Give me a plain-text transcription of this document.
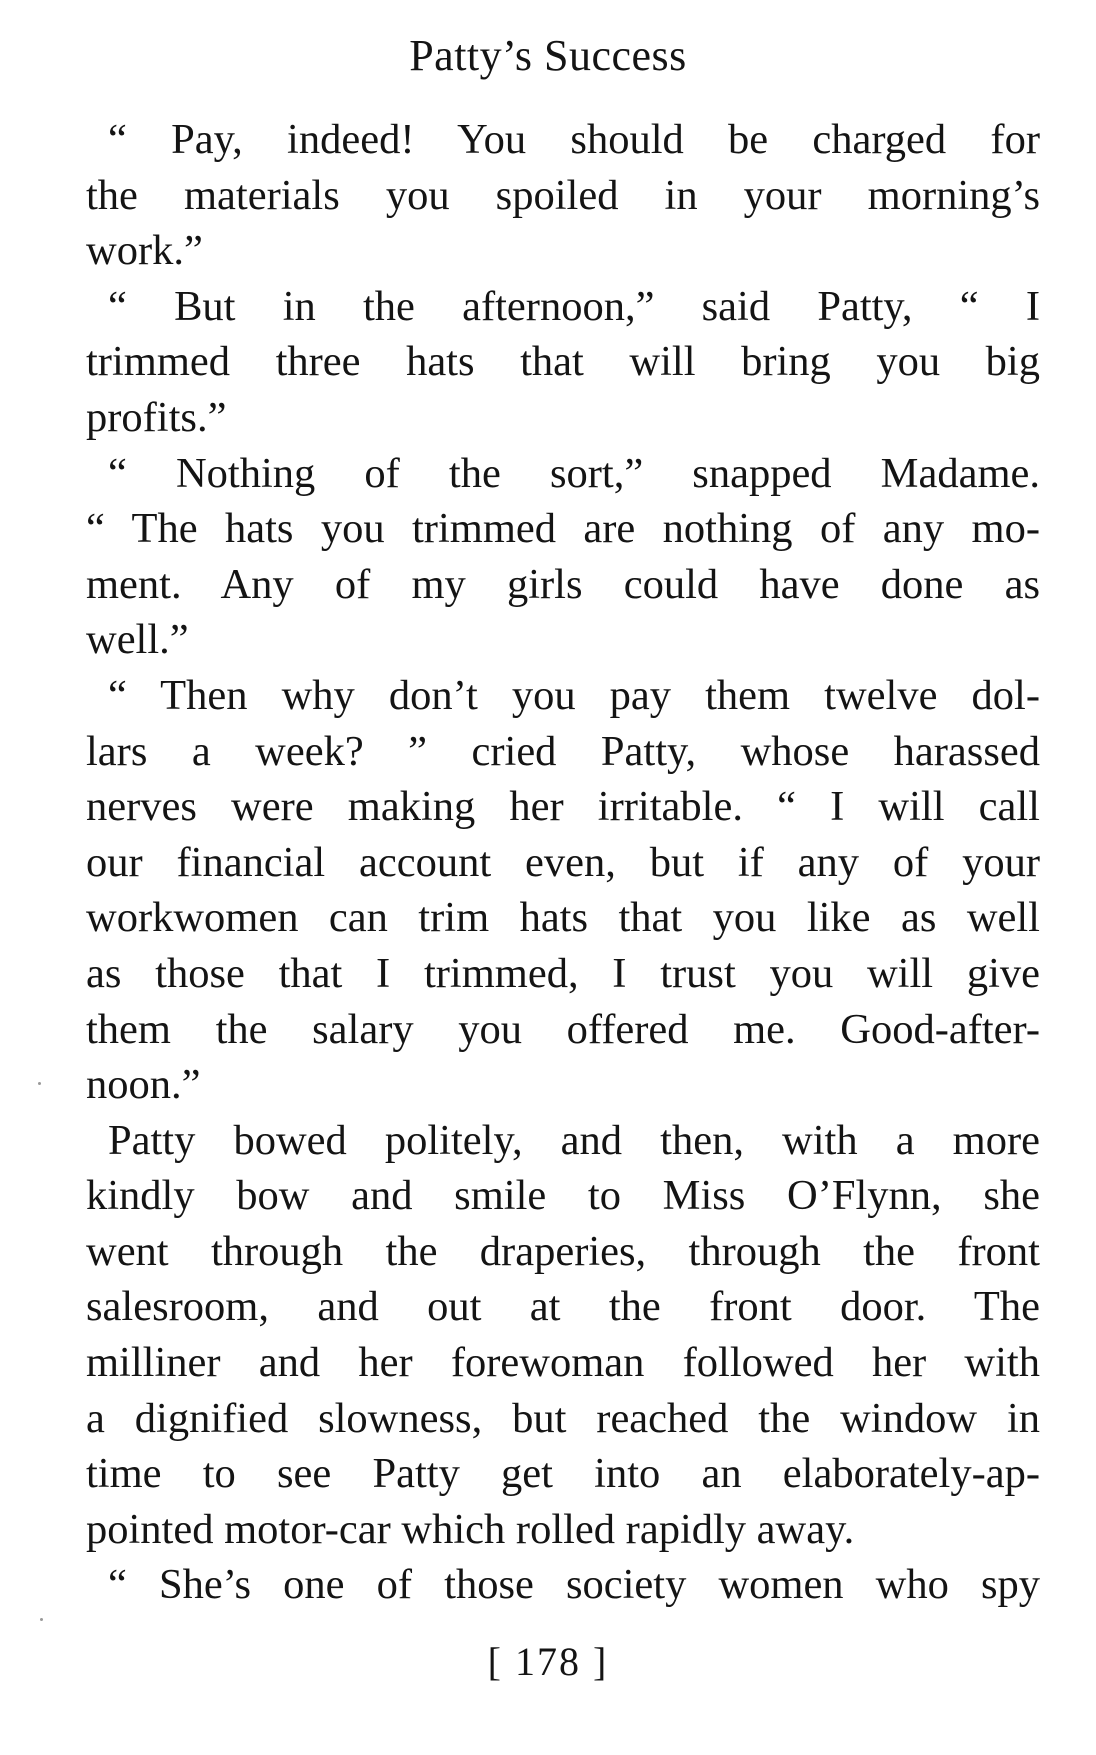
Patty’s Success
“ Pay, indeed! You should be charged for
the materials you spoiled in your morning’s
work.”
“ But in the afternoon,” said Patty, “ I
trimmed three hats that will bring you big
profits.”
“ Nothing of the sort,” snapped Madame.
“ The hats you trimmed are nothing of any mo-
ment. Any of my girls could have done as
well.”
“ Then why don’t you pay them twelve dol-
lars a week? ” cried Patty, whose harassed
nerves were making her irritable. “ I will call
our financial account even, but if any of your
workwomen can trim hats that you like as well
as those that I trimmed, I trust you will give
them the salary you offered me. Good-after-
noon.”
Patty bowed politely, and then, with a more
kindly bow and smile to Miss O’Flynn, she
went through the draperies, through the front
salesroom, and out at the front door. The
milliner and her forewoman followed her with
a dignified slowness, but reached the window in
time to see Patty get into an elaborately-ap-
pointed motor-car which rolled rapidly away.
“ She’s one of those society women who spy
[ 178 ]
